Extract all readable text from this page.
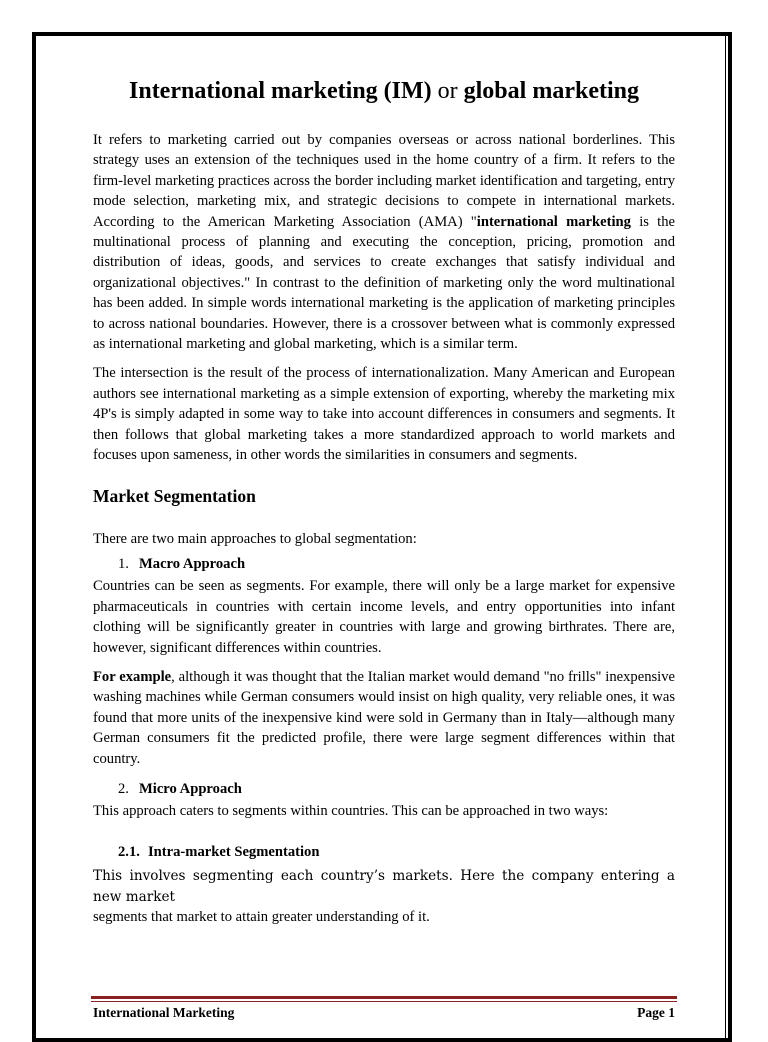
International marketing (IM) or global marketing

It refers to marketing carried out by companies overseas or across national borderlines. This strategy uses an extension of the techniques used in the home country of a firm. It refers to the firm-level marketing practices across the border including market identification and targeting, entry mode selection, marketing mix, and strategic decisions to compete in international markets. According to the American Marketing Association (AMA) "international marketing is the multinational process of planning and executing the conception, pricing, promotion and distribution of ideas, goods, and services to create exchanges that satisfy individual and organizational objectives." In contrast to the definition of marketing only the word multinational has been added. In simple words international marketing is the application of marketing principles to across national boundaries. However, there is a crossover between what is commonly expressed as international marketing and global marketing, which is a similar term.

The intersection is the result of the process of internationalization. Many American and European authors see international marketing as a simple extension of exporting, whereby the marketing mix 4P's is simply adapted in some way to take into account differences in consumers and segments. It then follows that global marketing takes a more standardized approach to world markets and focuses upon sameness, in other words the similarities in consumers and segments.

Market Segmentation

There are two main approaches to global segmentation:

1. Macro Approach

Countries can be seen as segments. For example, there will only be a large market for expensive pharmaceuticals in countries with certain income levels, and entry opportunities into infant clothing will be significantly greater in countries with large and growing birthrates. There are, however, significant differences within countries.

For example, although it was thought that the Italian market would demand "no frills" inexpensive washing machines while German consumers would insist on high quality, very reliable ones, it was found that more units of the inexpensive kind were sold in Germany than in Italy—although many German consumers fit the predicted profile, there were large segment differences within that country.

2. Micro Approach

This approach caters to segments within countries. This can be approached in two ways:

2.1. Intra-market Segmentation

This involves segmenting each country’s markets. Here the company entering a new market
segments that market to attain greater understanding of it.

International Marketing	Page 1
